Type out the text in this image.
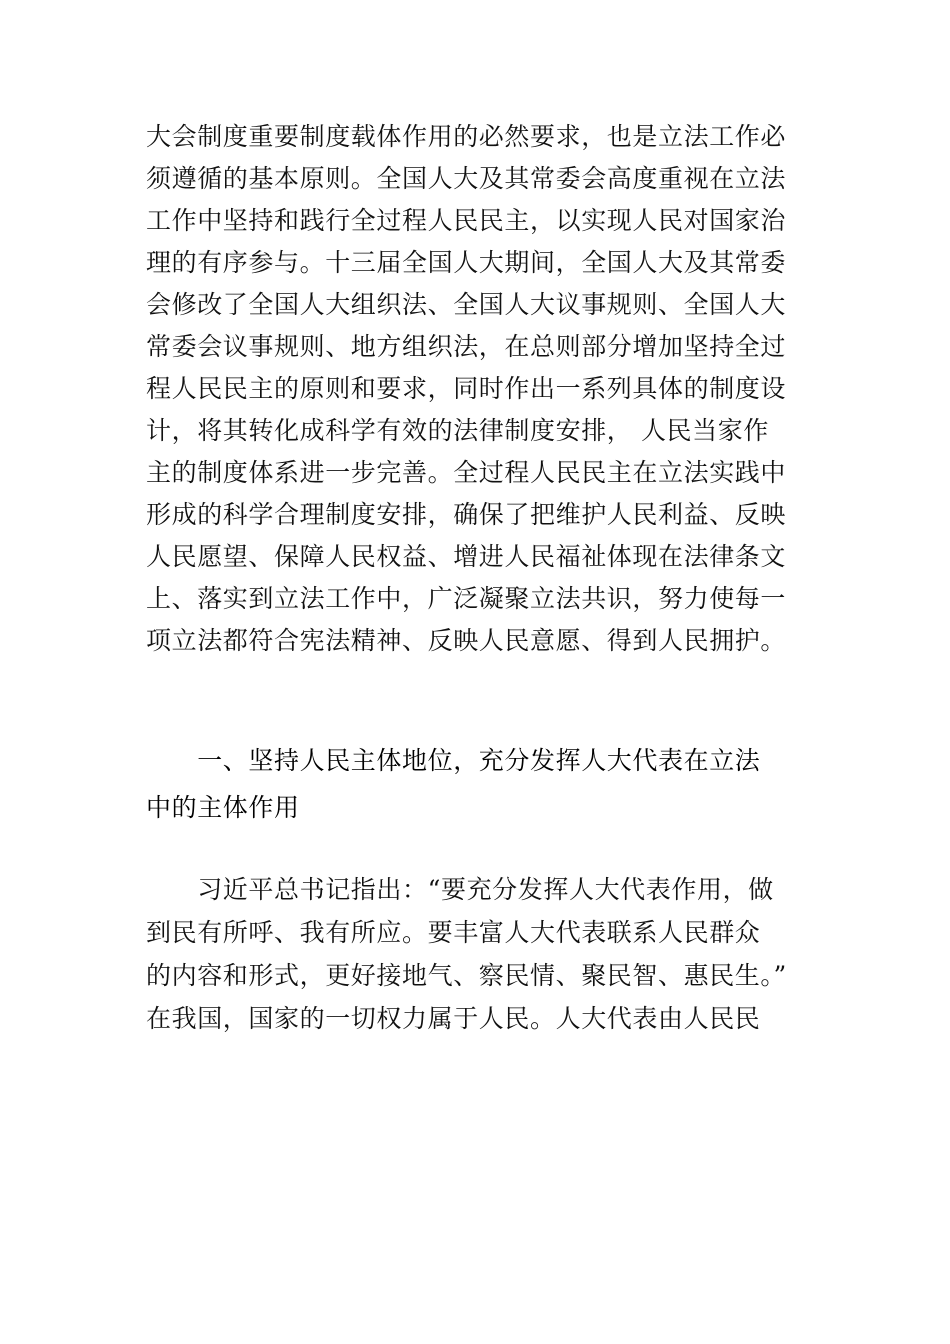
大会制度重要制度载体作用的必然要求，也是立法工作必
须遵循的基本原则。全国人大及其常委会高度重视在立法
工作中坚持和践行全过程人民民主，以实现人民对国家治
理的有序参与。十三届全国人大期间，全国人大及其常委
会修改了全国人大组织法、全国人大议事规则、全国人大
常委会议事规则、地方组织法，在总则部分增加坚持全过
程人民民主的原则和要求，同时作出一系列具体的制度设
计，将其转化成科学有效的法律制度安排， 人民当家作
主的制度体系进一步完善。全过程人民民主在立法实践中
形成的科学合理制度安排，确保了把维护人民利益、反映
人民愿望、保障人民权益、增进人民福祉体现在法律条文
上、落实到立法工作中，广泛凝聚立法共识，努力使每一
项立法都符合宪法精神、反映人民意愿、得到人民拥护。
　　一、坚持人民主体地位，充分发挥人大代表在立法
中的主体作用
　　习近平总书记指出：“要充分发挥人大代表作用，做
到民有所呼、我有所应。要丰富人大代表联系人民群众
的内容和形式，更好接地气、察民情、聚民智、惠民生。”
在我国，国家的一切权力属于人民。人大代表由人民民
